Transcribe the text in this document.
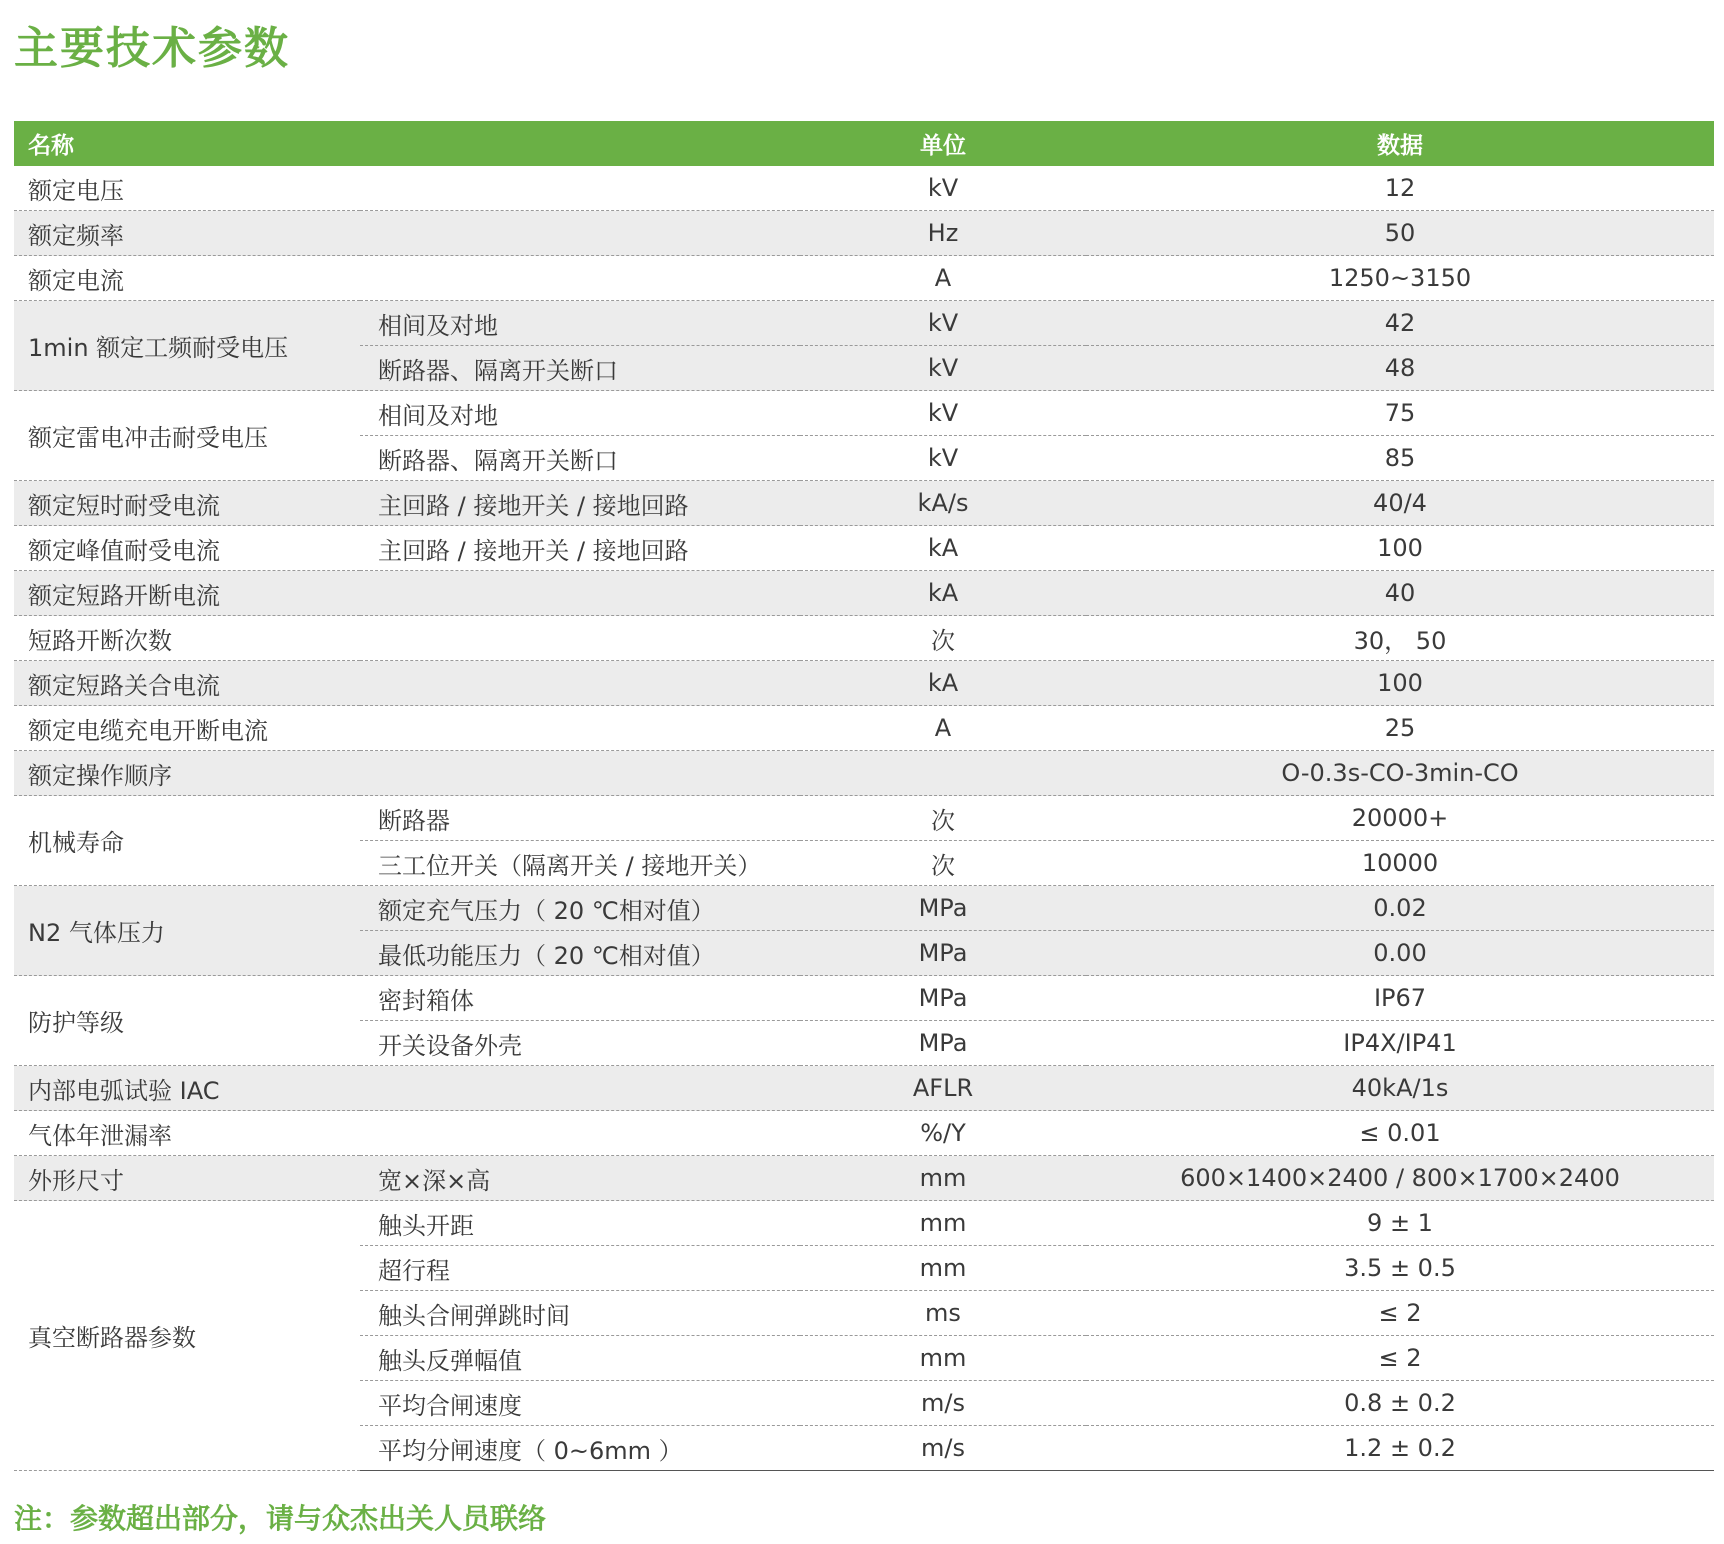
主要技术参数
名称		单位	数据
额定电压		kV	12
额定频率		Hz	50
额定电流		A	1250~3150
1min 额定工频耐受电压	相间及对地	kV	42
	断路器、隔离开关断口	kV	48
额定雷电冲击耐受电压	相间及对地	kV	75
	断路器、隔离开关断口	kV	85
额定短时耐受电流	主回路 / 接地开关 / 接地回路	kA/s	40/4
额定峰值耐受电流	主回路 / 接地开关 / 接地回路	kA	100
额定短路开断电流		kA	40
短路开断次数		次	30， 50
额定短路关合电流		kA	100
额定电缆充电开断电流		A	25
额定操作顺序			O-0.3s-CO-3min-CO
机械寿命	断路器	次	20000+
	三工位开关（隔离开关 / 接地开关）	次	10000
N2 气体压力	额定充气压力（ 20 ℃相对值）	MPa	0.02
	最低功能压力（ 20 ℃相对值）	MPa	0.00
防护等级	密封箱体	MPa	IP67
	开关设备外壳	MPa	IP4X/IP41
内部电弧试验 IAC		AFLR	40kA/1s
气体年泄漏率		%/Y	≤ 0.01
外形尺寸	宽×深×高	mm	600×1400×2400 / 800×1700×2400
真空断路器参数	触头开距	mm	9 ± 1
	超行程	mm	3.5 ± 0.5
	触头合闸弹跳时间	ms	≤ 2
	触头反弹幅值	mm	≤ 2
	平均合闸速度	m/s	0.8 ± 0.2
	平均分闸速度（ 0~6mm ）	m/s	1.2 ± 0.2
注：参数超出部分，请与众杰出关人员联络
